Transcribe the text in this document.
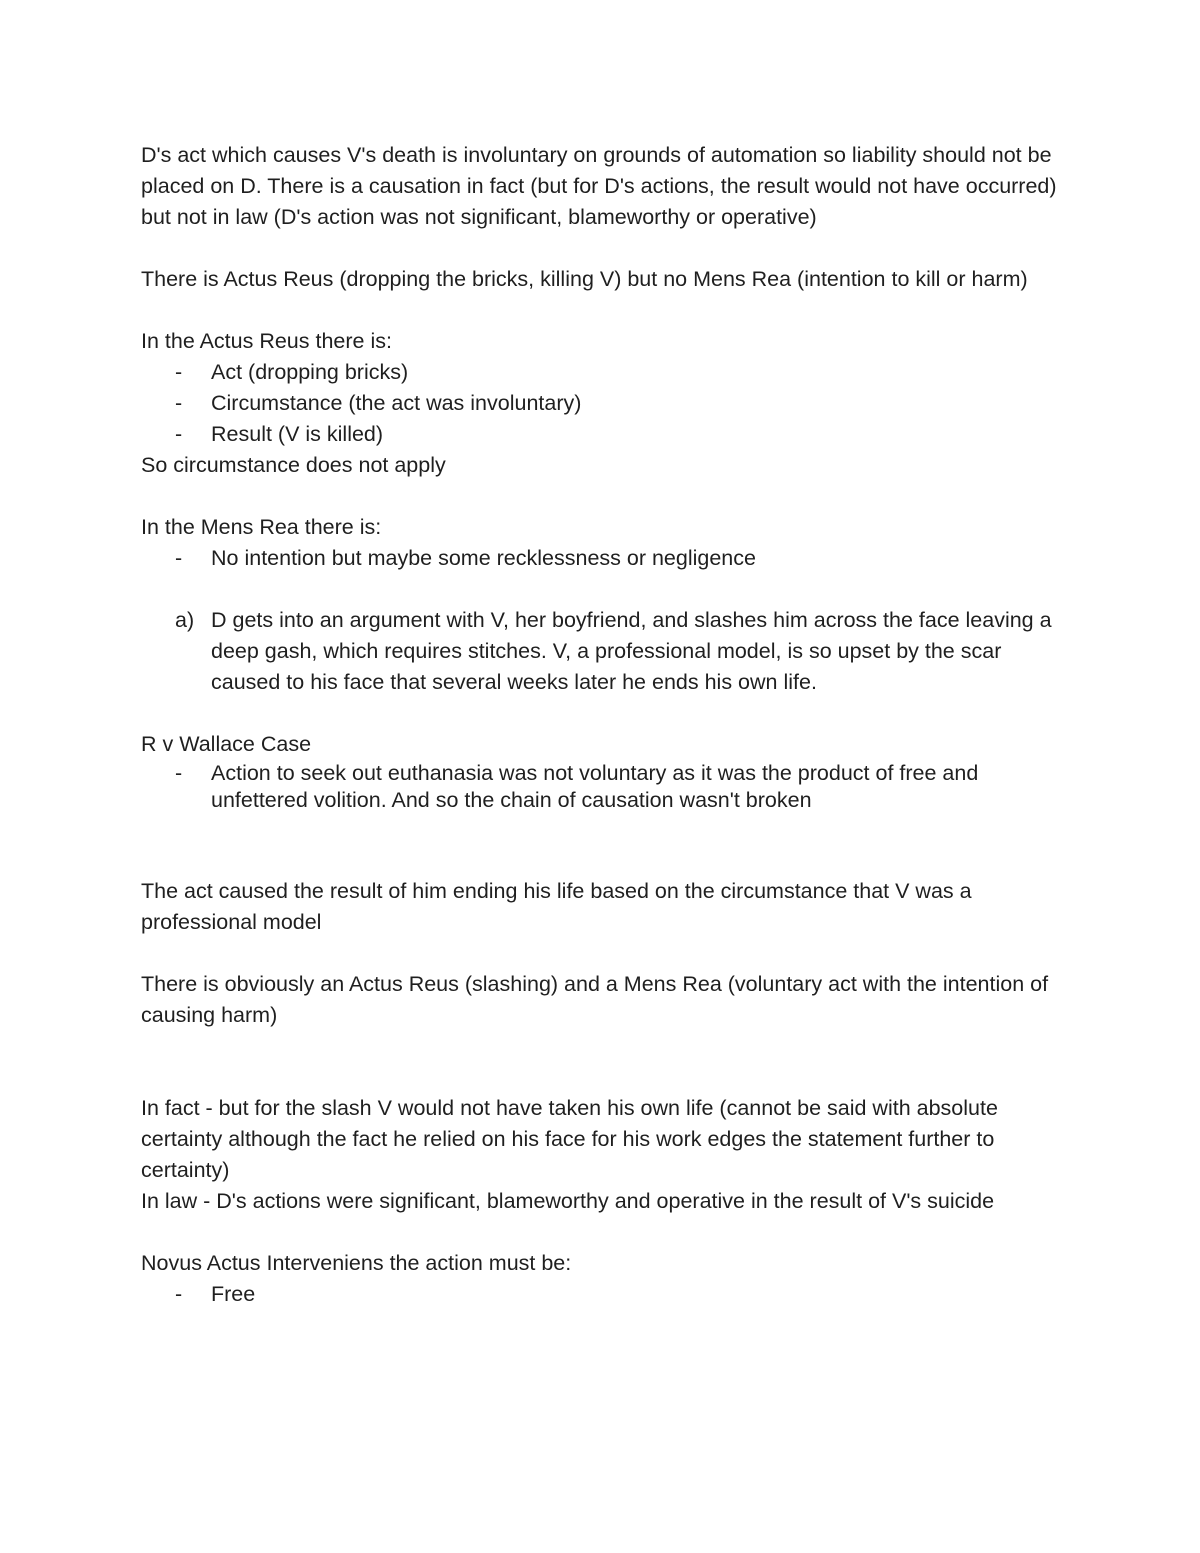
D's act which causes V's death is involuntary on grounds of automation so liability should not be placed on D. There is a causation in fact (but for D's actions, the result would not have occurred) but not in law (D's action was not significant, blameworthy or operative)

There is Actus Reus (dropping the bricks, killing V) but no Mens Rea (intention to kill or harm)

In the Actus Reus there is:

- Act (dropping bricks)
- Circumstance (the act was involuntary)
- Result (V is killed)

So circumstance does not apply

In the Mens Rea there is:

- No intention but maybe some recklessness or negligence
a) D gets into an argument with V, her boyfriend, and slashes him across the face leaving a deep gash, which requires stitches. V, a professional model, is so upset by the scar caused to his face that several weeks later he ends his own life.

R v Wallace Case

- Action to seek out euthanasia was not voluntary as it was the product of free and unfettered volition. And so the chain of causation wasn't broken

The act caused the result of him ending his life based on the circumstance that V was a professional model

There is obviously an Actus Reus (slashing) and a Mens Rea (voluntary act with the intention of causing harm)

In fact - but for the slash V would not have taken his own life (cannot be said with absolute certainty although the fact he relied on his face for his work edges the statement further to certainty)

In law - D's actions were significant, blameworthy and operative in the result of V's suicide

Novus Actus Interveniens the action must be:

- Free
